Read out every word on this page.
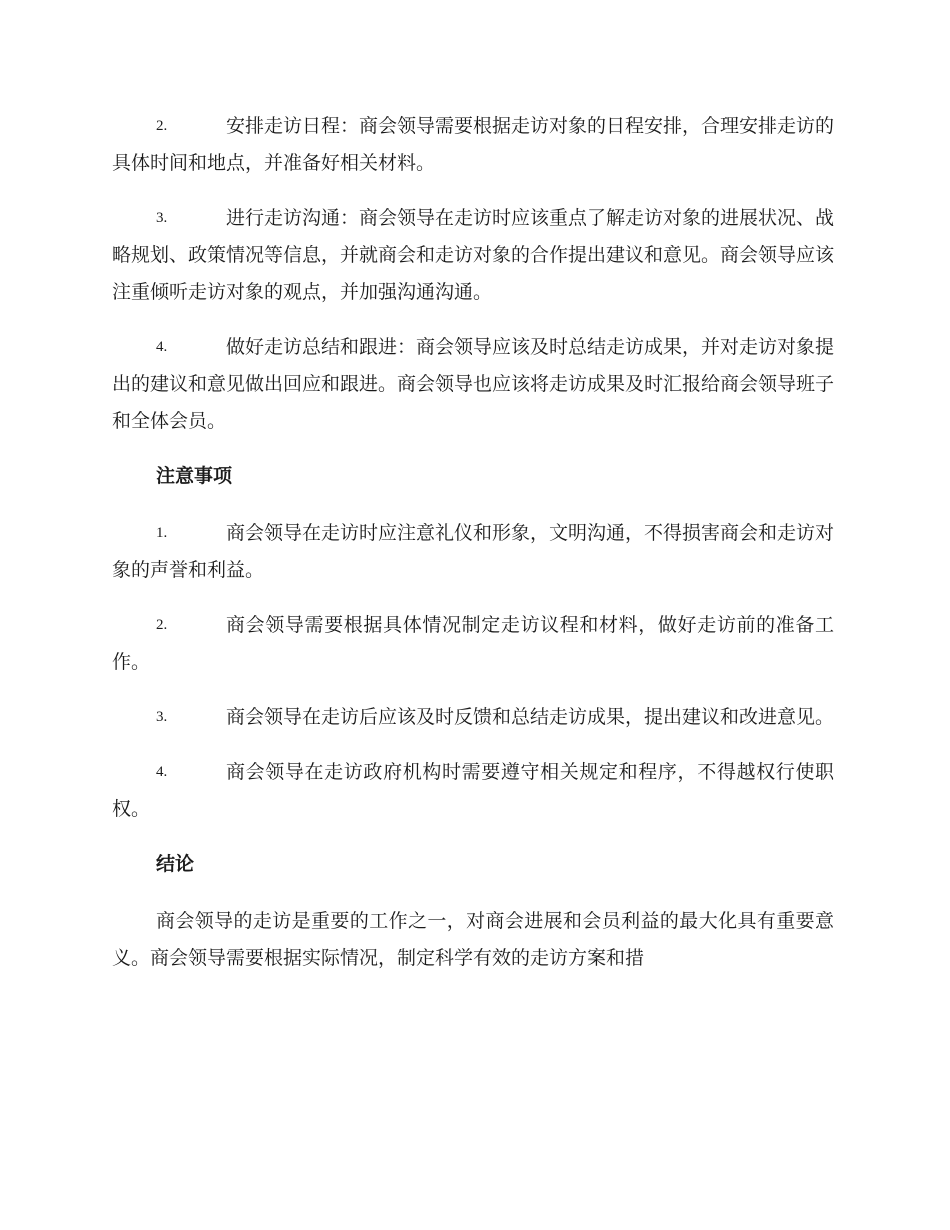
2.	安排走访日程：商会领导需要根据走访对象的日程安排，合理安排走访的具体时间和地点，并准备好相关材料。
3.	进行走访沟通：商会领导在走访时应该重点了解走访对象的进展状况、战略规划、政策情况等信息，并就商会和走访对象的合作提出建议和意见。商会领导应该注重倾听走访对象的观点，并加强沟通沟通。
4.	做好走访总结和跟进：商会领导应该及时总结走访成果，并对走访对象提出的建议和意见做出回应和跟进。商会领导也应该将走访成果及时汇报给商会领导班子和全体会员。
注意事项
1.	商会领导在走访时应注意礼仪和形象，文明沟通，不得损害商会和走访对象的声誉和利益。
2.	商会领导需要根据具体情况制定走访议程和材料，做好走访前的准备工作。
3.	商会领导在走访后应该及时反馈和总结走访成果，提出建议和改进意见。
4.	商会领导在走访政府机构时需要遵守相关规定和程序，不得越权行使职权。
结论

商会领导的走访是重要的工作之一，对商会进展和会员利益的最大化具有重要意义。商会领导需要根据实际情况，制定科学有效的走访方案和措
